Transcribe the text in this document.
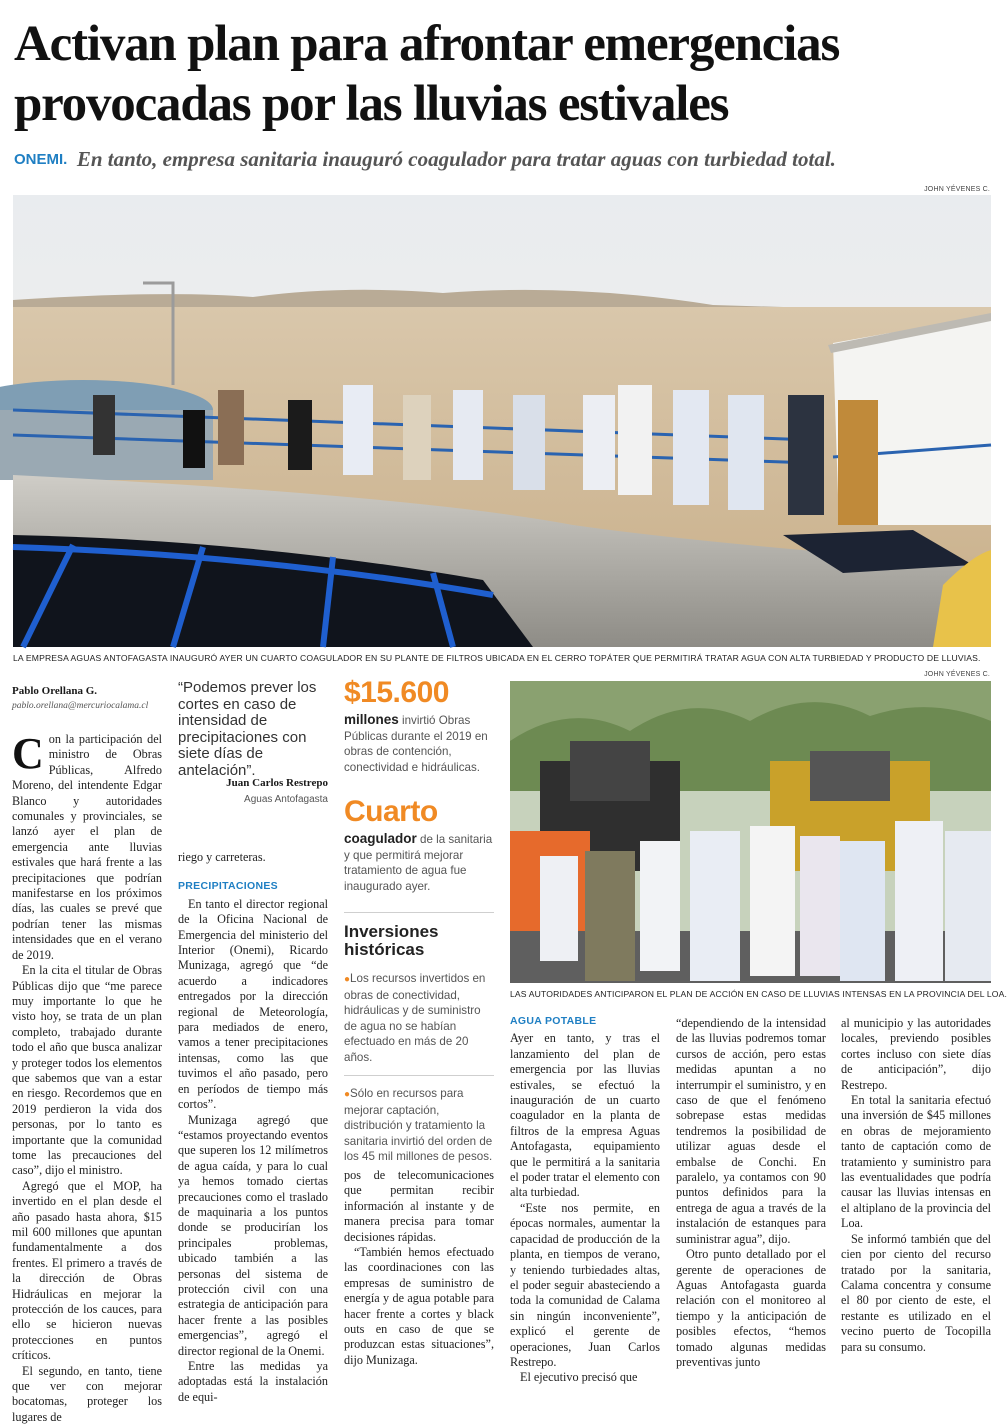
Activan plan para afrontar emergencias
provocadas por las lluvias estivales
ONEMI. En tanto, empresa sanitaria inauguró coagulador para tratar aguas con turbiedad total.
JOHN YÉVENES C.
LA EMPRESA AGUAS ANTOFAGASTA INAUGURÓ AYER UN CUARTO COAGULADOR EN SU PLANTE DE FILTROS UBICADA EN EL CERRO TOPÁTER QUE PERMITIRÁ TRATAR AGUA CON ALTA TURBIEDAD Y PRODUCTO DE LLUVIAS.
JOHN YÉVENES C.
LAS AUTORIDADES ANTICIPARON EL PLAN DE ACCIÓN EN CASO DE LLUVIAS INTENSAS EN LA PROVINCIA DEL LOA.
Pablo Orellana G.
pablo.orellana@mercuriocalama.cl

Con la participación del ministro de Obras Públicas, Alfredo Moreno, del intendente Edgar Blanco y autoridades comunales y provinciales, se lanzó ayer el plan de emergencia ante lluvias estivales que hará frente a las precipitaciones que podrían manifestarse en los próximos días, las cuales se prevé que podrían tener las mismas intensidades que en el verano de 2019.

En la cita el titular de Obras Públicas dijo que “me parece muy importante lo que he visto hoy, se trata de un plan completo, trabajado durante todo el año que busca analizar y proteger todos los elementos que sabemos que van a estar en riesgo. Recordemos que en 2019 perdieron la vida dos personas, por lo tanto es importante que la comunidad tome las precauciones del caso”, dijo el ministro.

Agregó que el MOP, ha invertido en el plan desde el año pasado hasta ahora, $15 mil 600 millones que apuntan fundamentalmente a dos frentes. El primero a través de la dirección de Obras Hidráulicas en mejorar la protección de los cauces, para ello se hicieron nuevas protecciones en puntos críticos.

El segundo, en tanto, tiene que ver con mejorar bocatomas, proteger los lugares de

“Podemos prever los cortes en caso de intensidad de precipitaciones con siete días de antelación”.
Juan Carlos Restrepo
Aguas Antofagasta

riego y carreteras.

PRECIPITACIONES

En tanto el director regional de la Oficina Nacional de Emergencia del ministerio del Interior (Onemi), Ricardo Munizaga, agregó que “de acuerdo a indicadores entregados por la dirección regional de Meteorología, para mediados de enero, vamos a tener precipitaciones intensas, como las que tuvimos el año pasado, pero en períodos de tiempo más cortos”.

Munizaga agregó que “estamos proyectando eventos que superen los 12 milímetros de agua caída, y para lo cual ya hemos tomado ciertas precauciones como el traslado de maquinaria a los puntos donde se producirían los principales problemas, ubicado también a las personas del sistema de protección civil con una estrategia de anticipación para hacer frente a las posibles emergencias”, agregó el director regional de la Onemi.

Entre las medidas ya adoptadas está la instalación de equi-

$15.600
millones invirtió Obras Públicas durante el 2019 en obras de contención, conectividad e hidráulicas.
Cuarto
coagulador de la sanitaria y que permitirá mejorar tratamiento de agua fue inaugurado ayer.
Inversiones
históricas
●Los recursos invertidos en obras de conectividad, hidráulicas y de suministro de agua no se habían efectuado en más de 20 años.
●Sólo en recursos para mejorar captación, distribución y tratamiento la sanitaria invirtió del orden de los 45 mil millones de pesos.

pos de telecomunicaciones que permitan recibir información al instante y de manera precisa para tomar decisiones rápidas.

“También hemos efectuado las coordinaciones con las empresas de suministro de energía y de agua potable para hacer frente a cortes y black outs en caso de que se produzcan estas situaciones”, dijo Munizaga.

AGUA POTABLE

Ayer en tanto, y tras el lanzamiento del plan de emergencia por las lluvias estivales, se efectuó la inauguración de un cuarto coagulador en la planta de filtros de la empresa Aguas Antofagasta, equipamiento que le permitirá a la sanitaria el poder tratar el elemento con alta turbiedad.

“Este nos permite, en épocas normales, aumentar la capacidad de producción de la planta, en tiempos de verano, y teniendo turbiedades altas, el poder seguir abasteciendo a toda la comunidad de Calama sin ningún inconveniente”, explicó el gerente de operaciones, Juan Carlos Restrepo.

El ejecutivo precisó que

“dependiendo de la intensidad de las lluvias podremos tomar cursos de acción, pero estas medidas apuntan a no interrumpir el suministro, y en caso de que el fenómeno sobrepase estas medidas tendremos la posibilidad de utilizar aguas desde el embalse de Conchi. En paralelo, ya contamos con 90 puntos definidos para la entrega de agua a través de la instalación de estanques para suministrar agua”, dijo.

Otro punto detallado por el gerente de operaciones de Aguas Antofagasta guarda relación con el monitoreo al tiempo y la anticipación de posibles efectos, “hemos tomado algunas medidas preventivas junto

al municipio y las autoridades locales, previendo posibles cortes incluso con siete días de anticipación”, dijo Restrepo.

En total la sanitaria efectuó una inversión de $45 millones en obras de mejoramiento tanto de captación como de tratamiento y suministro para las eventualidades que podría causar las lluvias intensas en el altiplano de la provincia del Loa.

Se informó también que del cien por ciento del recurso tratado por la sanitaria, Calama concentra y consume el 80 por ciento de este, el restante es utilizado en el vecino puerto de Tocopilla para su consumo.
